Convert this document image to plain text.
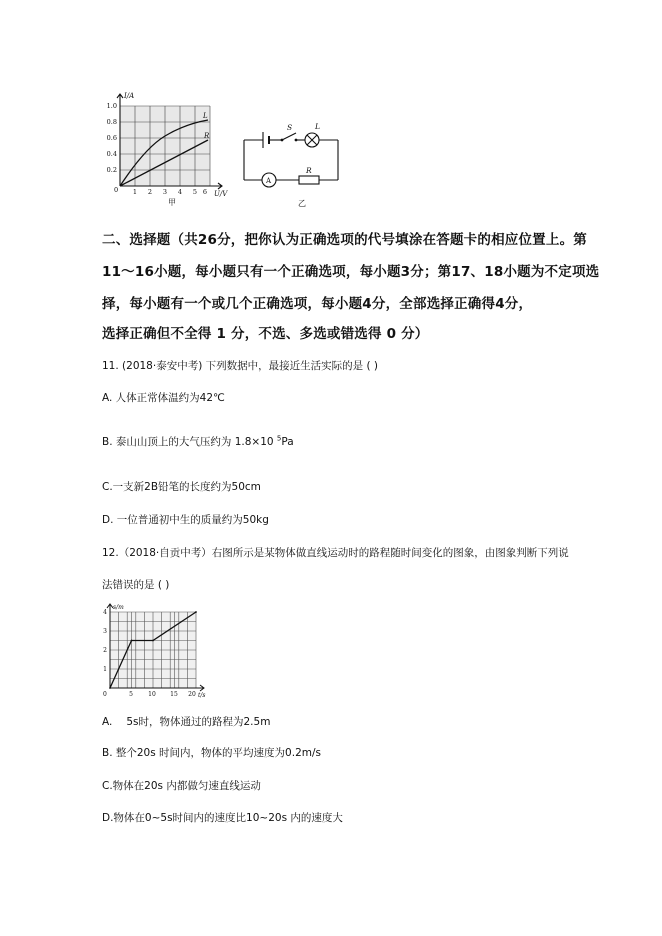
I/A
U/V
1.0
0.8
0.6
0.4
0.2
1 2 3 4 5 6
0
L
R
甲
S	L
A
R
乙
二、选择题（共26分，把你认为正确选项的代号填涂在答题卡的相应位置上。第
11～16小题，每小题只有一个正确选项，每小题3分；第17、18小题为不定项选
择，每小题有一个或几个正确选项，每小题4分，全部选择正确得4分，
选择正确但不全得 1 分，不选、多选或错选得 0 分）
11. (2018·泰安中考) 下列数据中，最接近生活实际的是 ( )
A. 人体正常体温约为42℃
B. 泰山山顶上的大气压约为 1.8×10 $^5$Pa
C.一支新2B铅笔的长度约为50cm
D. 一位普通初中生的质量约为50kg
12.（2018·自贡中考）右图所示是某物体做直线运动时的路程随时间变化的图象，由图象判断下列说
法错误的是 ( )
s/m
t/s
4
3
2
1
5	10 15 20
0
A. 5s时，物体通过的路程为2.5m
B. 整个20s 时间内，物体的平均速度为0.2m/s
C.物体在20s 内都做匀速直线运动
D.物体在0~5s时间内的速度比10~20s 内的速度大
